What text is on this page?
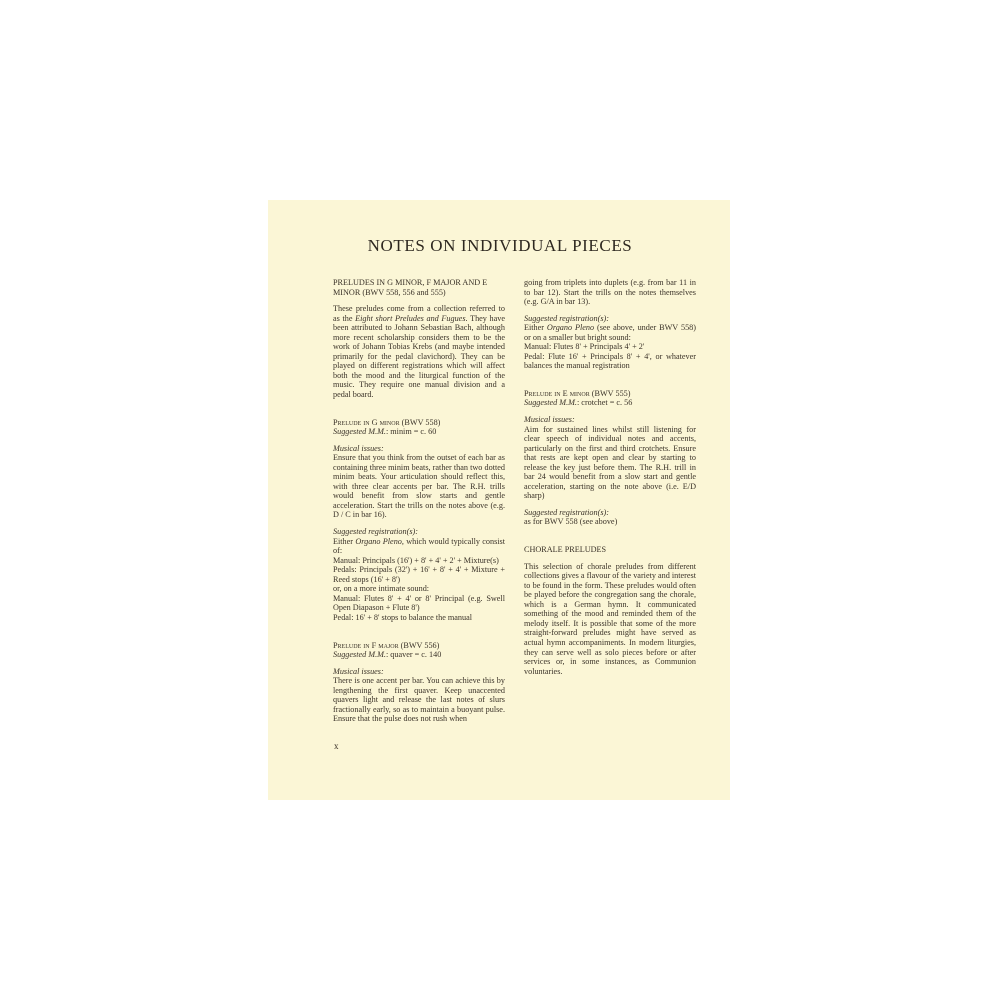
NOTES ON INDIVIDUAL PIECES

PRELUDES IN G MINOR, F MAJOR AND E MINOR (BWV 558, 556 and 555)

These preludes come from a collection referred to as the Eight short Preludes and Fugues. They have been attributed to Johann Sebastian Bach, although more recent scholarship considers them to be the work of Johann Tobias Krebs (and maybe intended primarily for the pedal clavichord). They can be played on different registrations which will affect both the mood and the liturgical function of the music. They require one manual division and a pedal board.

Prelude in G minor (BWV 558)

Suggested M.M.: minim = c. 60

Musical issues:

Ensure that you think from the outset of each bar as containing three minim beats, rather than two dotted minim beats. Your articulation should reflect this, with three clear accents per bar. The R.H. trills would benefit from slow starts and gentle acceleration. Start the trills on the notes above (e.g. D / C in bar 16).

Suggested registration(s):

Either Organo Pleno, which would typically consist of:

Manual: Principals (16') + 8' + 4' + 2' + Mixture(s)

Pedals: Principals (32') + 16' + 8' + 4' + Mixture + Reed stops (16' + 8')

or, on a more intimate sound:

Manual: Flutes 8' + 4' or 8' Principal (e.g. Swell Open Diapason + Flute 8')

Pedal: 16' + 8' stops to balance the manual

Prelude in F major (BWV 556)

Suggested M.M.: quaver = c. 140

Musical issues:

There is one accent per bar. You can achieve this by lengthening the first quaver. Keep unaccented quavers light and release the last notes of slurs fractionally early, so as to maintain a buoyant pulse. Ensure that the pulse does not rush when

going from triplets into duplets (e.g. from bar 11 in to bar 12). Start the trills on the notes themselves (e.g. G/A in bar 13).

Suggested registration(s):

Either Organo Pleno (see above, under BWV 558) or on a smaller but bright sound:

Manual: Flutes 8' + Principals 4' + 2'

Pedal: Flute 16' + Principals 8' + 4', or whatever balances the manual registration

Prelude in E minor (BWV 555)

Suggested M.M.: crotchet = c. 56

Musical issues:

Aim for sustained lines whilst still listening for clear speech of individual notes and accents, particularly on the first and third crotchets. Ensure that rests are kept open and clear by starting to release the key just before them. The R.H. trill in bar 24 would benefit from a slow start and gentle acceleration, starting on the note above (i.e. E/D sharp)

Suggested registration(s):

as for BWV 558 (see above)

CHORALE PRELUDES

This selection of chorale preludes from different collections gives a flavour of the variety and interest to be found in the form. These preludes would often be played before the congregation sang the chorale, which is a German hymn. It communicated something of the mood and reminded them of the melody itself. It is possible that some of the more straight-forward preludes might have served as actual hymn accompaniments. In modern liturgies, they can serve well as solo pieces before or after services or, in some instances, as Communion voluntaries.

x
